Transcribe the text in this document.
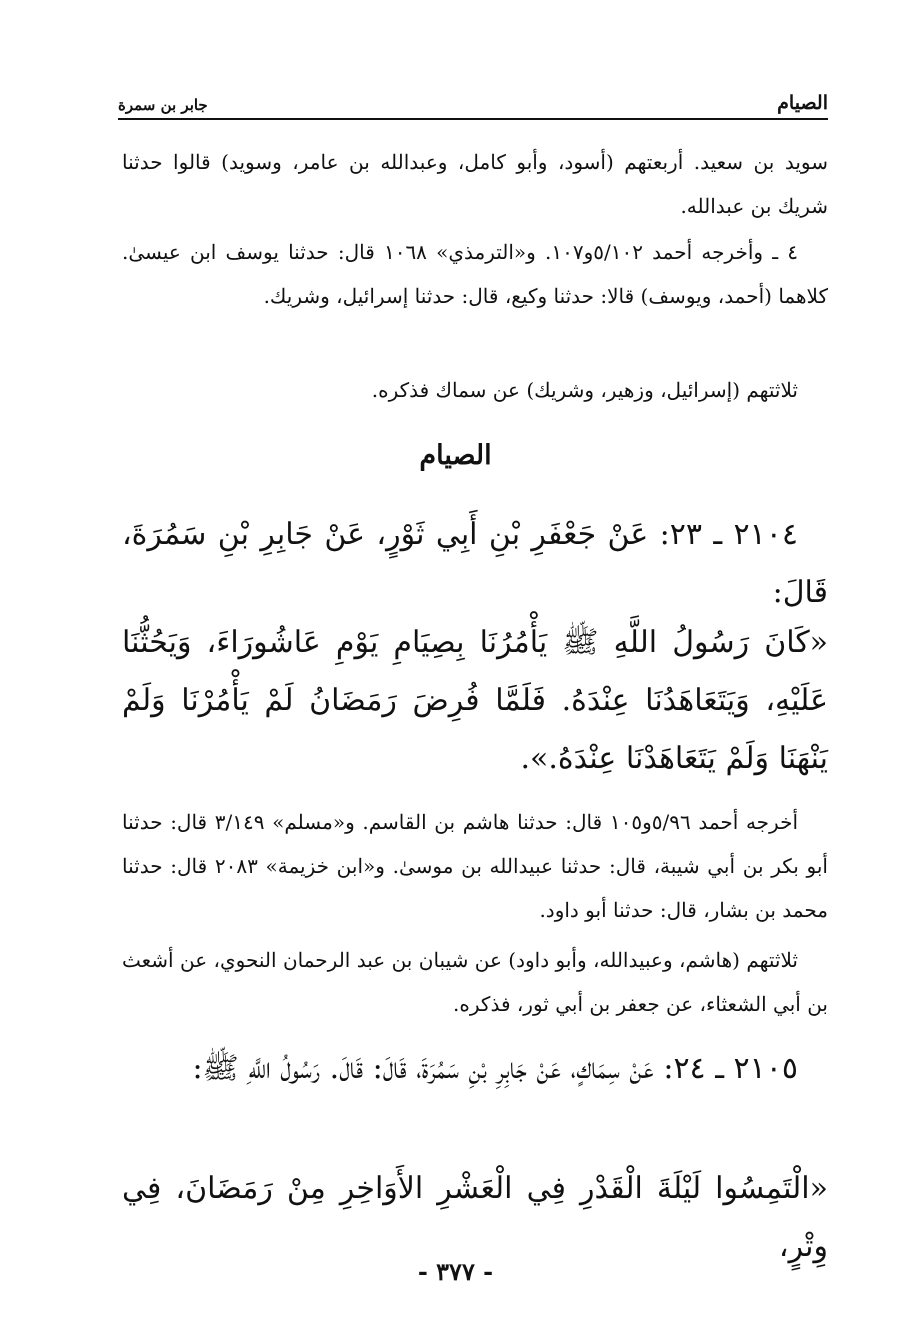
الصيام
جابر بن سمرة
سويد بن سعيد. أربعتهم (أسود، وأبو كامل، وعبدالله بن عامر، وسويد) قالوا حدثنا شريك بن عبدالله.
٤ ـ وأخرجه أحمد ٥/١٠٢و١٠٧. و«الترمذي» ١٠٦٨ قال: حدثنا يوسف ابن عيسىٰ. كلاهما (أحمد، ويوسف) قالا: حدثنا وكيع، قال: حدثنا إسرائيل، وشريك.
ثلاثتهم (إسرائيل، وزهير، وشريك) عن سماك فذكره.
الصيام
٢١٠٤ ـ ٢٣: عَنْ جَعْفَرِ بْنِ أَبِي ثَوْرٍ، عَنْ جَابِرِ بْنِ سَمُرَةَ، قَالَ:
«كَانَ رَسُولُ اللَّهِ ﷺ يَأْمُرُنَا بِصِيَامِ يَوْمِ عَاشُورَاءَ، وَيَحُثُّنَا عَلَيْهِ، وَيَتَعَاهَدُنَا عِنْدَهُ. فَلَمَّا فُرِضَ رَمَضَانُ لَمْ يَأْمُرْنَا وَلَمْ يَنْهَنَا وَلَمْ يَتَعَاهَدْنَا عِنْدَهُ.».
أخرجه أحمد ٥/٩٦و١٠٥ قال: حدثنا هاشم بن القاسم. و«مسلم» ٣/١٤٩ قال: حدثنا أبو بكر بن أبي شيبة، قال: حدثنا عبيدالله بن موسىٰ. و«ابن خزيمة» ٢٠٨٣ قال: حدثنا محمد بن بشار، قال: حدثنا أبو داود.
ثلاثتهم (هاشم، وعبيدالله، وأبو داود) عن شيبان بن عبد الرحمان النحوي، عن أشعث بن أبي الشعثاء، عن جعفر بن أبي ثور، فذكره.
٢١٠٥ ـ ٢٤: عَنْ سِمَاكٍ، عَنْ جَابِرِ بْنِ سَمُرَةَ، قَالَ: قَالَ. رَسُولُ اللَّهِ ﷺ:
«الْتَمِسُوا لَيْلَةَ الْقَدْرِ فِي الْعَشْرِ الأَوَاخِرِ مِنْ رَمَضَانَ، فِي وِتْرٍ،
- ٣٧٧ -
